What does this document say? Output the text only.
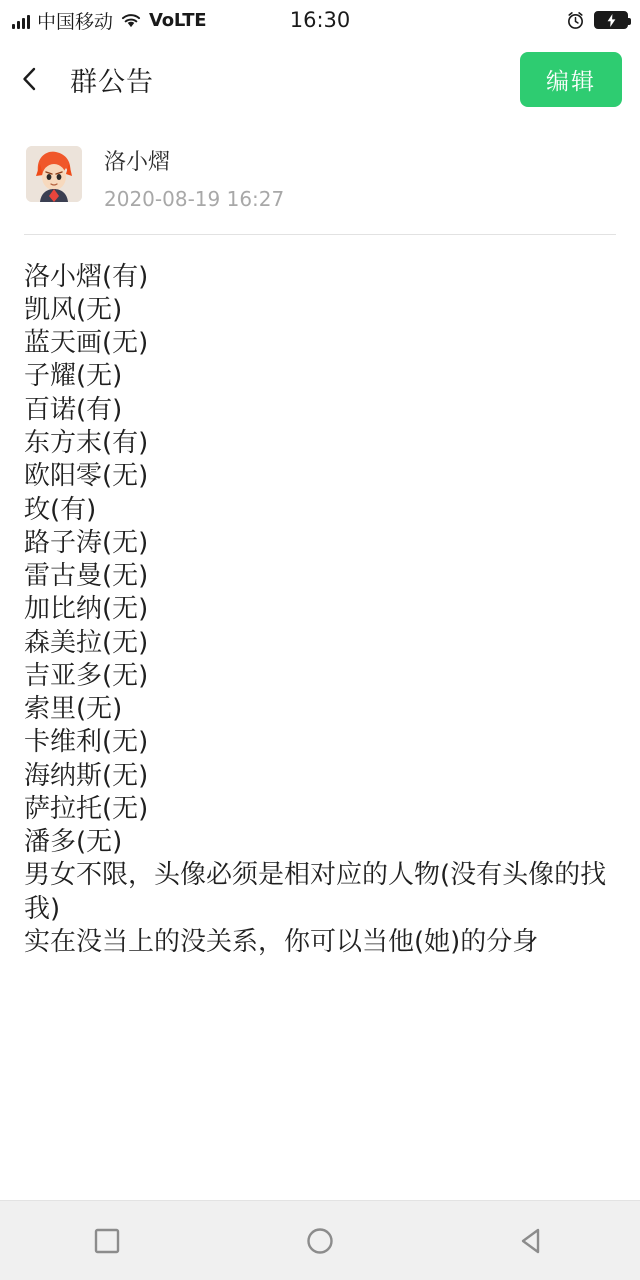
中国移动 VoLTE	16:30
群公告	编辑
洛小熠
2020-08-19 16:27
洛小熠(有)
凯风(无)
蓝天画(无)
子耀(无)
百诺(有)
东方末(有)
欧阳零(无)
玫(有)
路子涛(无)
雷古曼(无)
加比纳(无)
森美拉(无)
吉亚多(无)
索里(无)
卡维利(无)
海纳斯(无)
萨拉托(无)
潘多(无)
男女不限，头像必须是相对应的人物(没有头像的找我)
实在没当上的没关系，你可以当他(她)的分身
